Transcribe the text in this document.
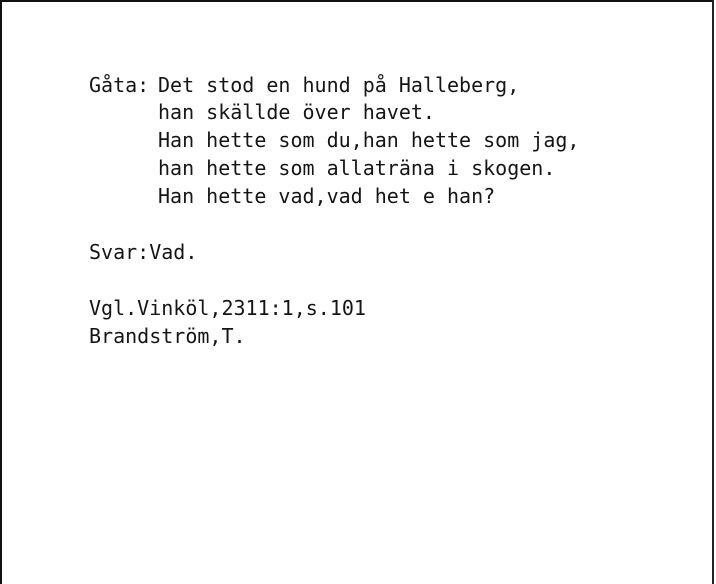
Gåta: Det stod en hund på Halleberg,
han skällde över havet.
Han hette som du,han hette som jag,
han hette som allaträna i skogen.
Han hette vad,vad het e han?
Svar:Vad.
Vgl.Vinköl,2311:1,s.101
Brandström,T.
